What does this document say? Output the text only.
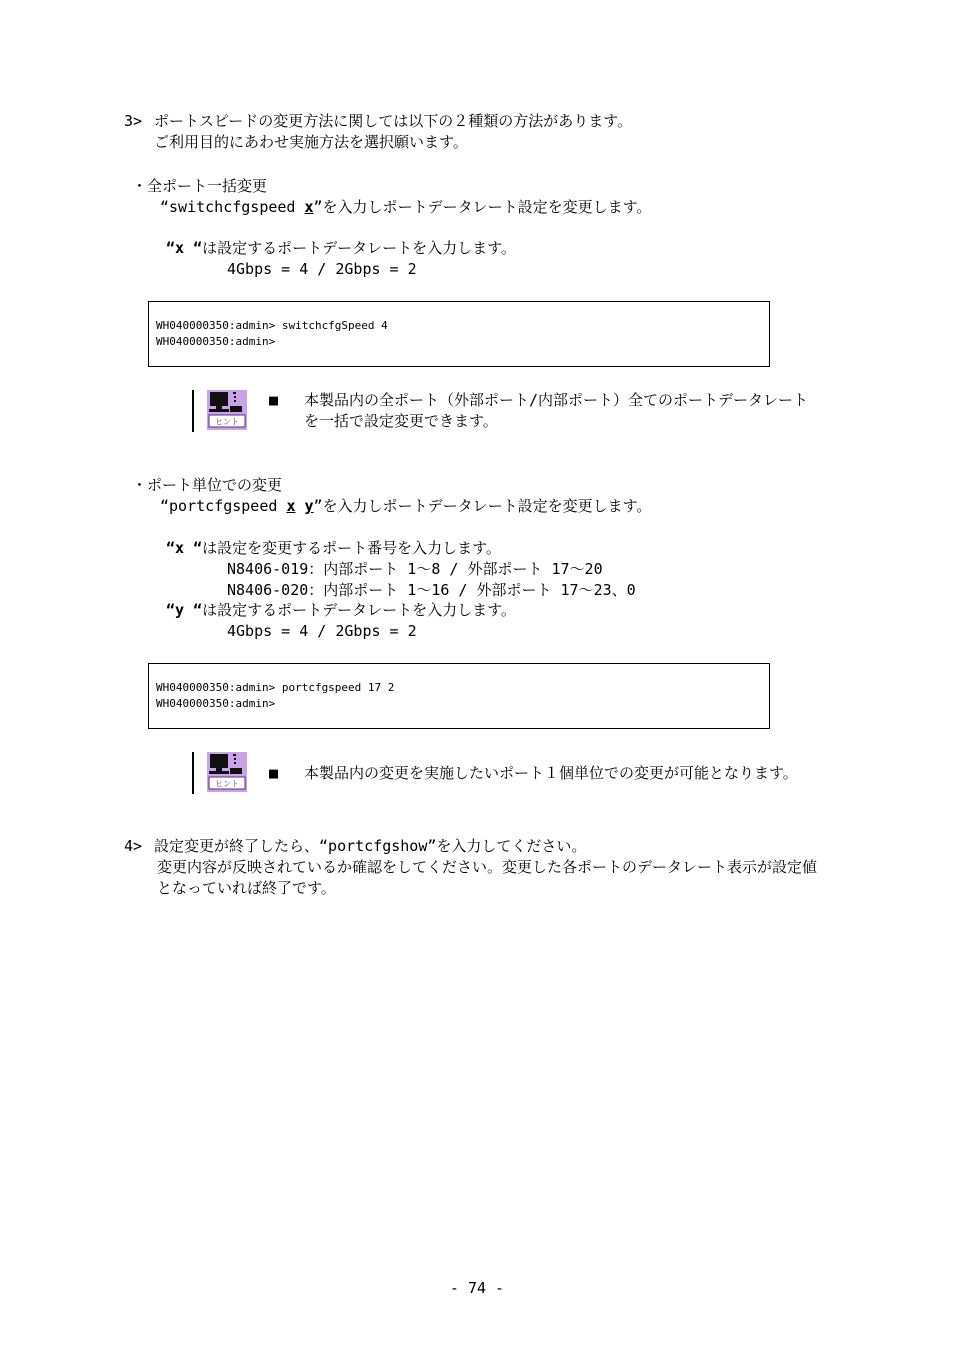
3> ポートスピードの変更方法に関しては以下の２種類の方法があります。
ご利用目的にあわせ実施方法を選択願います。
・全ポート一括変更
“switchcfgspeed x”を入力しポートデータレート設定を変更します。
“x “は設定するポートデータレートを入力します。
4Gbps = 4 / 2Gbps = 2
WH040000350:admin> switchcfgSpeed 4
WH040000350:admin>
ヒント
■ 本製品内の全ポート（外部ポート/内部ポート）全てのポートデータレート
を一括で設定変更できます。
・ポート単位での変更
“portcfgspeed x y”を入力しポートデータレート設定を変更します。
“x “は設定を変更するポート番号を入力します。
N8406-019：内部ポート 1～8 / 外部ポート 17～20
N8406-020：内部ポート 1～16 / 外部ポート 17～23、0
“y “は設定するポートデータレートを入力します。
4Gbps = 4 / 2Gbps = 2
WH040000350:admin> portcfgspeed 17 2
WH040000350:admin>
ヒント
■ 本製品内の変更を実施したいポート１個単位での変更が可能となります。
4> 設定変更が終了したら、“portcfgshow”を入力してください。
変更内容が反映されているか確認をしてください。変更した各ポートのデータレート表示が設定値
となっていれば終了です。
- 74 -
